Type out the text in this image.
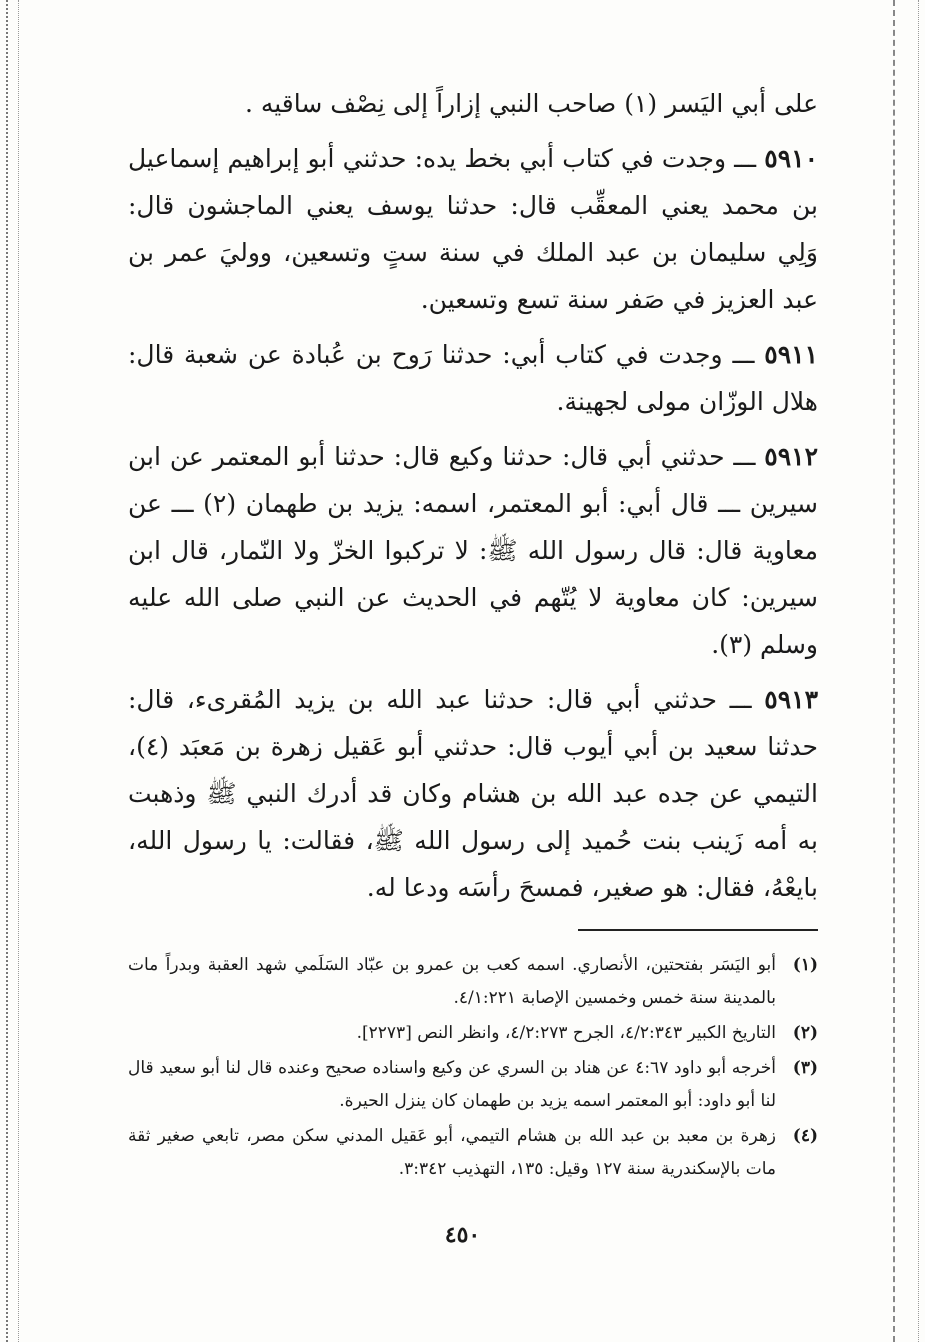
على أبي اليَسر (١) صاحب النبي إزاراً إلى نِصْف ساقيه .

٥٩١٠ ـــ وجدت في كتاب أبي بخط يده: حدثني أبو إبراهيم إسماعيل بن محمد يعني المعقِّب قال: حدثنا يوسف يعني الماجشون قال: وَلِي سليمان بن عبد الملك في سنة ستٍ وتسعين، ووليَ عمر بن عبد العزيز في صَفر سنة تسع وتسعين.

٥٩١١ ـــ وجدت في كتاب أبي: حدثنا رَوح بن عُبادة عن شعبة قال: هلال الوزّان مولى لجهينة.

٥٩١٢ ـــ حدثني أبي قال: حدثنا وكيع قال: حدثنا أبو المعتمر عن ابن سيرين ـــ قال أبي: أبو المعتمر، اسمه: يزيد بن طهمان (٢) ـــ عن معاوية قال: قال رسول الله ﷺ: لا تركبوا الخزّ ولا النّمار، قال ابن سيرين: كان معاوية لا يُتّهم في الحديث عن النبي صلى الله عليه وسلم (٣).

٥٩١٣ ـــ حدثني أبي قال: حدثنا عبد الله بن يزيد المُقرىء، قال: حدثنا سعيد بن أبي أيوب قال: حدثني أبو عَقيل زهرة بن مَعبَد (٤)، التيمي عن جده عبد الله بن هشام وكان قد أدرك النبي ﷺ وذهبت به أمه زَينب بنت حُميد إلى رسول الله ﷺ، فقالت: يا رسول الله، بايعْهُ، فقال: هو صغير، فمسحَ رأسَه ودعا له.

(١)
أبو اليَسَر بفتحتين، الأنصاري. اسمه كعب بن عمرو بن عبّاد السَلَمي شهد العقبة وبدراً مات بالمدينة سنة خمس وخمسين الإصابة ٤/١:٢٢١.
(٢)
التاريخ الكبير ٤/٢:٣٤٣، الجرح ٤/٢:٢٧٣، وانظر النص [٢٢٧٣].
(٣)
أخرجه أبو داود ٤:٦٧ عن هناد بن السري عن وكيع واسناده صحيح وعنده قال لنا أبو سعيد قال لنا أبو داود: أبو المعتمر اسمه يزيد بن طهمان كان ينزل الحيرة.
(٤)
زهرة بن معبد بن عبد الله بن هشام التيمي، أبو عَقيل المدني سكن مصر، تابعي صغير ثقة مات بالإسكندرية سنة ١٢٧ وقيل: ١٣٥، التهذيب ٣:٣٤٢.
٤٥٠
